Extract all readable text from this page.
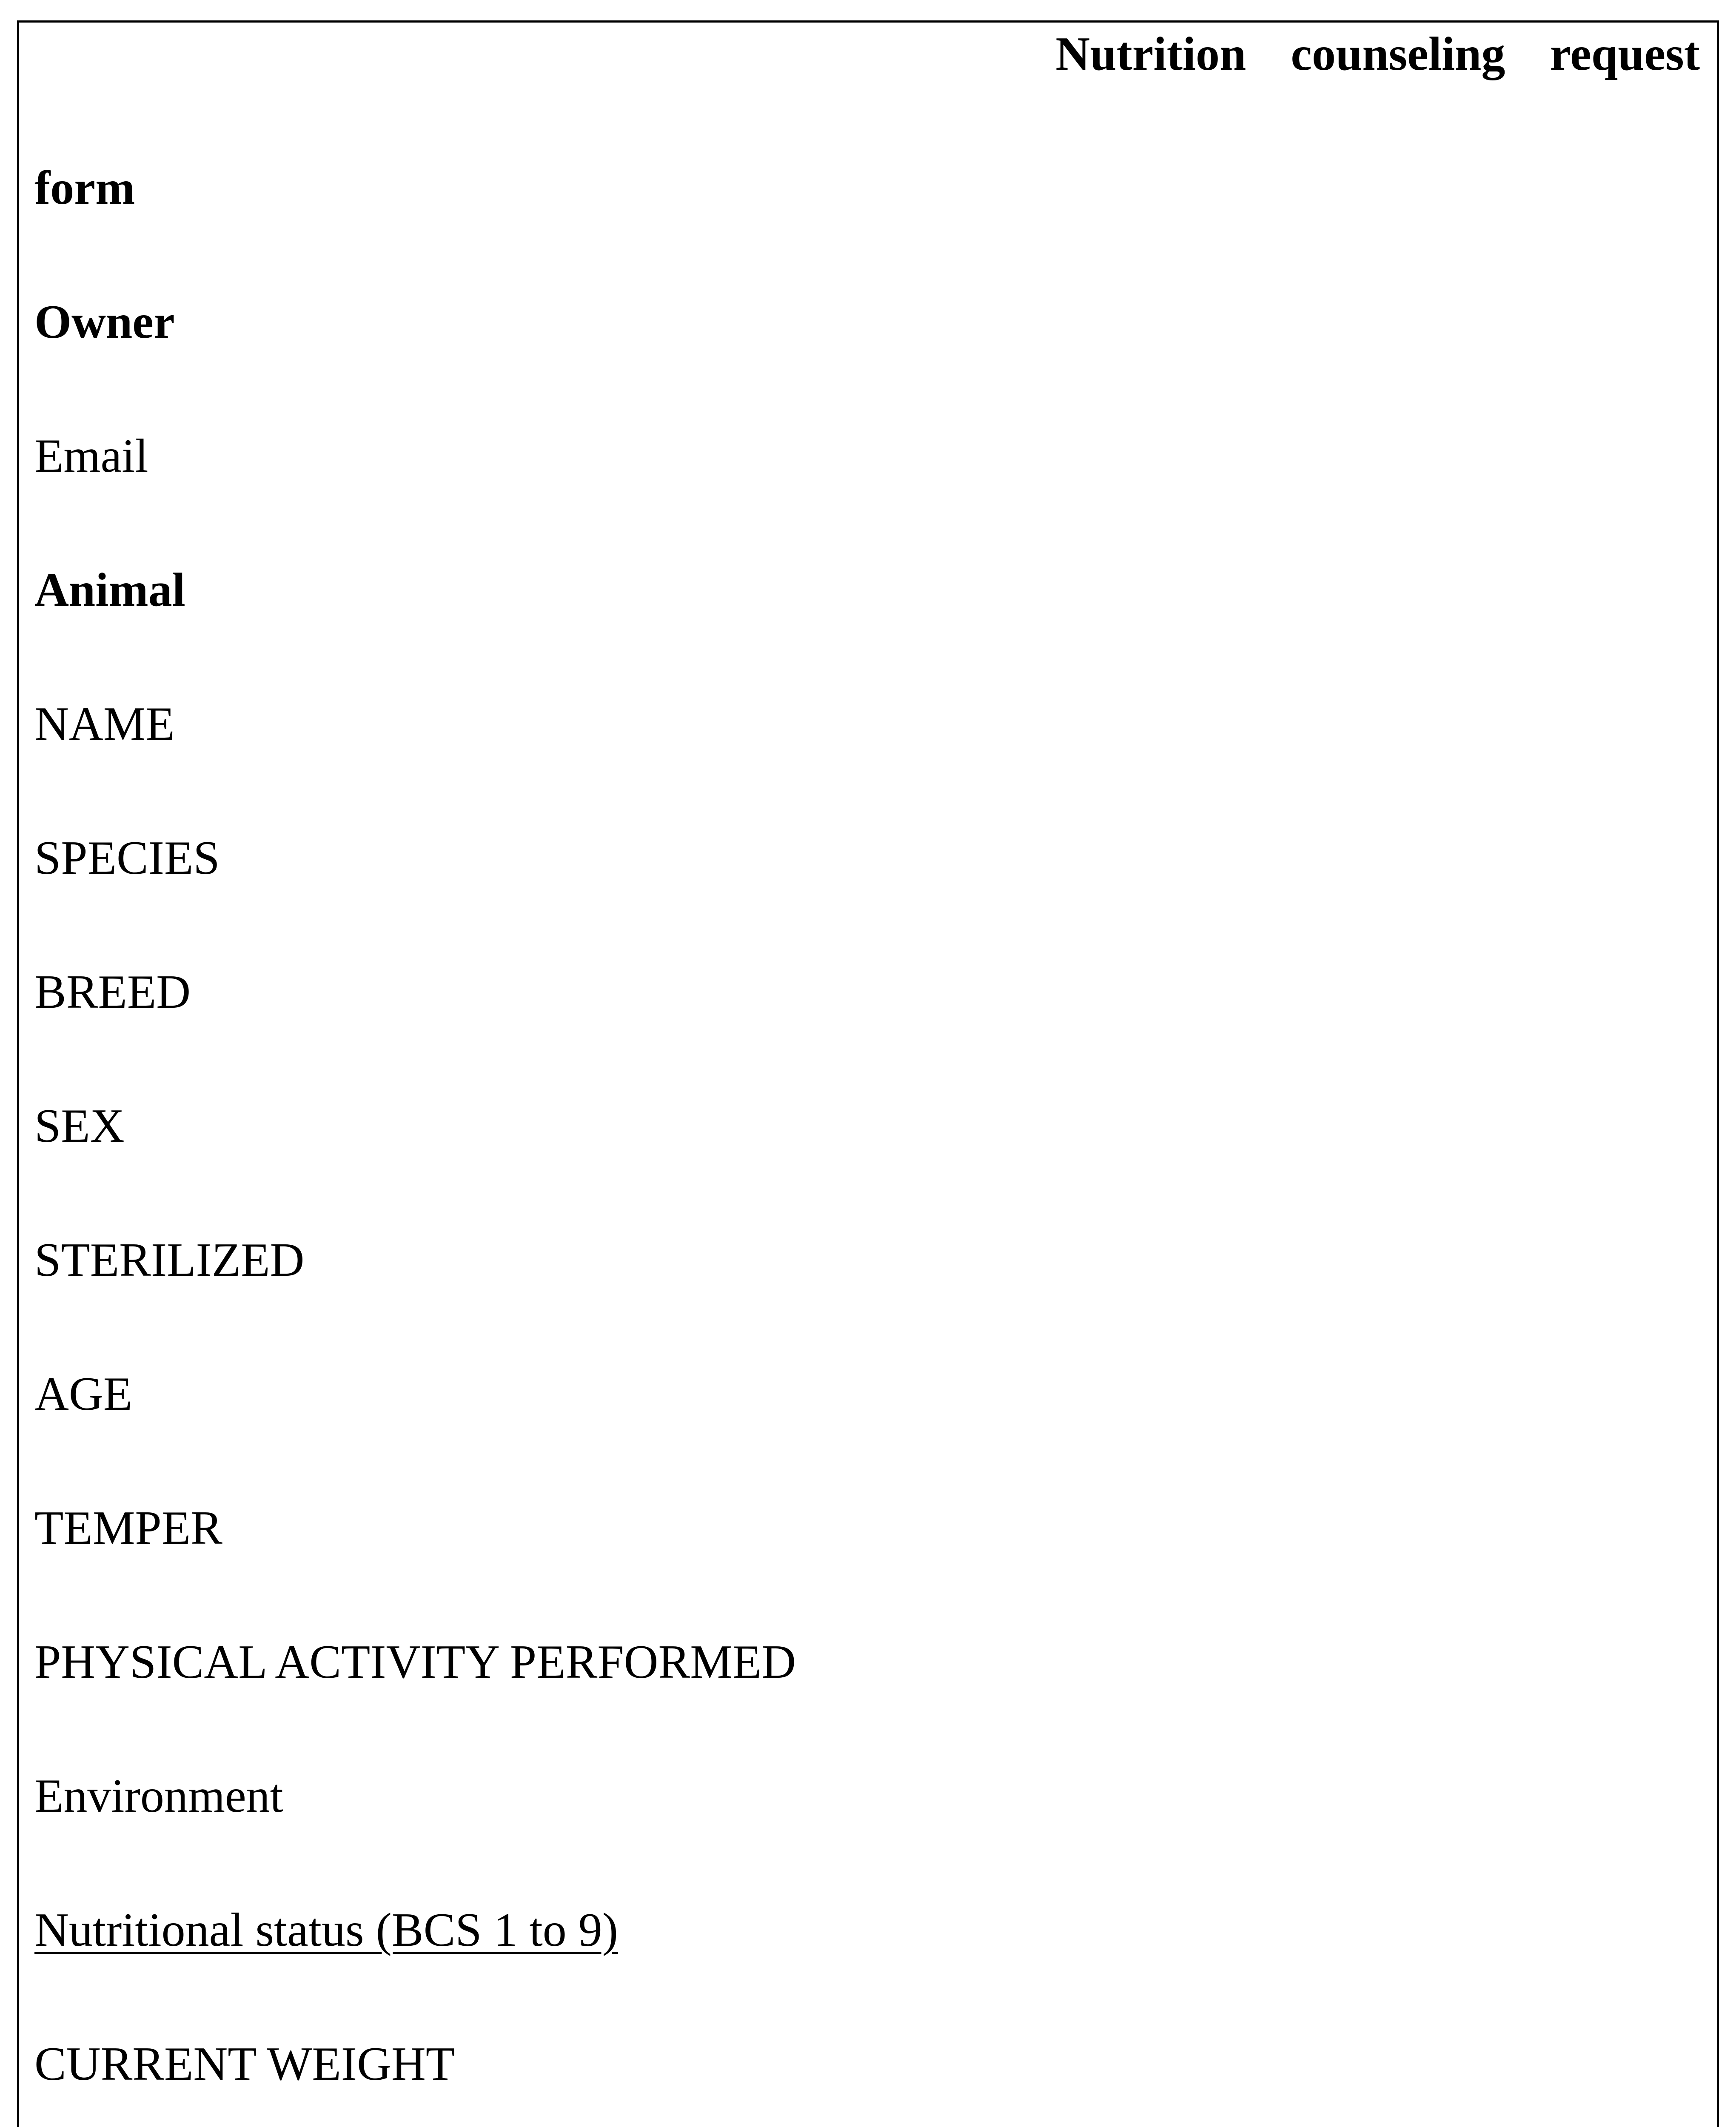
Nutrition counseling request

form

Owner

Email

Animal

NAME

SPECIES

BREED

SEX

STERILIZED

AGE

TEMPER

PHYSICAL ACTIVITY PERFORMED

Environment

Nutritional status (BCS 1 to 9)

CURRENT WEIGHT
